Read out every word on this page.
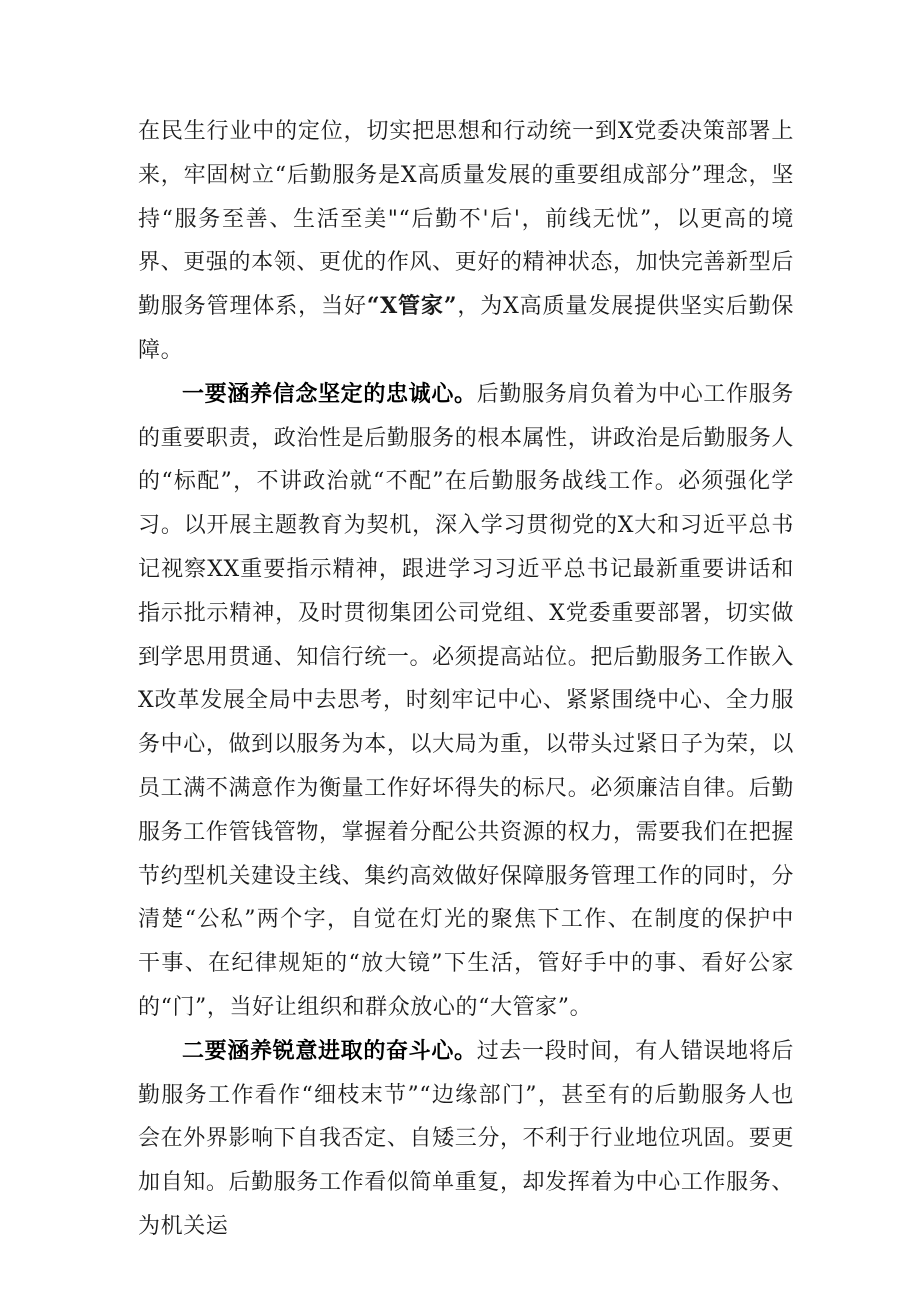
在民生行业中的定位，切实把思想和行动统一到X党委决策部署上来，牢固树立“后勤服务是X高质量发展的重要组成部分”理念，坚持“服务至善、生活至美"“后勤不'后'，前线无忧”，以更高的境界、更强的本领、更优的作风、更好的精神状态，加快完善新型后勤服务管理体系，当好“X管家”，为X高质量发展提供坚实后勤保障。

一要涵养信念坚定的忠诚心。后勤服务肩负着为中心工作服务的重要职责，政治性是后勤服务的根本属性，讲政治是后勤服务人的“标配”，不讲政治就“不配”在后勤服务战线工作。必须强化学习。以开展主题教育为契机，深入学习贯彻党的X大和习近平总书记视察XX重要指示精神，跟进学习习近平总书记最新重要讲话和指示批示精神，及时贯彻集团公司党组、X党委重要部署，切实做到学思用贯通、知信行统一。必须提高站位。把后勤服务工作嵌入X改革发展全局中去思考，时刻牢记中心、紧紧围绕中心、全力服务中心，做到以服务为本，以大局为重，以带头过紧日子为荣，以员工满不满意作为衡量工作好坏得失的标尺。必须廉洁自律。后勤服务工作管钱管物，掌握着分配公共资源的权力，需要我们在把握节约型机关建设主线、集约高效做好保障服务管理工作的同时，分清楚“公私”两个字，自觉在灯光的聚焦下工作、在制度的保护中干事、在纪律规矩的“放大镜”下生活，管好手中的事、看好公家的“门”，当好让组织和群众放心的“大管家”。

二要涵养锐意进取的奋斗心。过去一段时间，有人错误地将后勤服务工作看作“细枝末节”“边缘部门”，甚至有的后勤服务人也会在外界影响下自我否定、自矮三分，不利于行业地位巩固。要更加自知。后勤服务工作看似简单重复，却发挥着为中心工作服务、为机关运
